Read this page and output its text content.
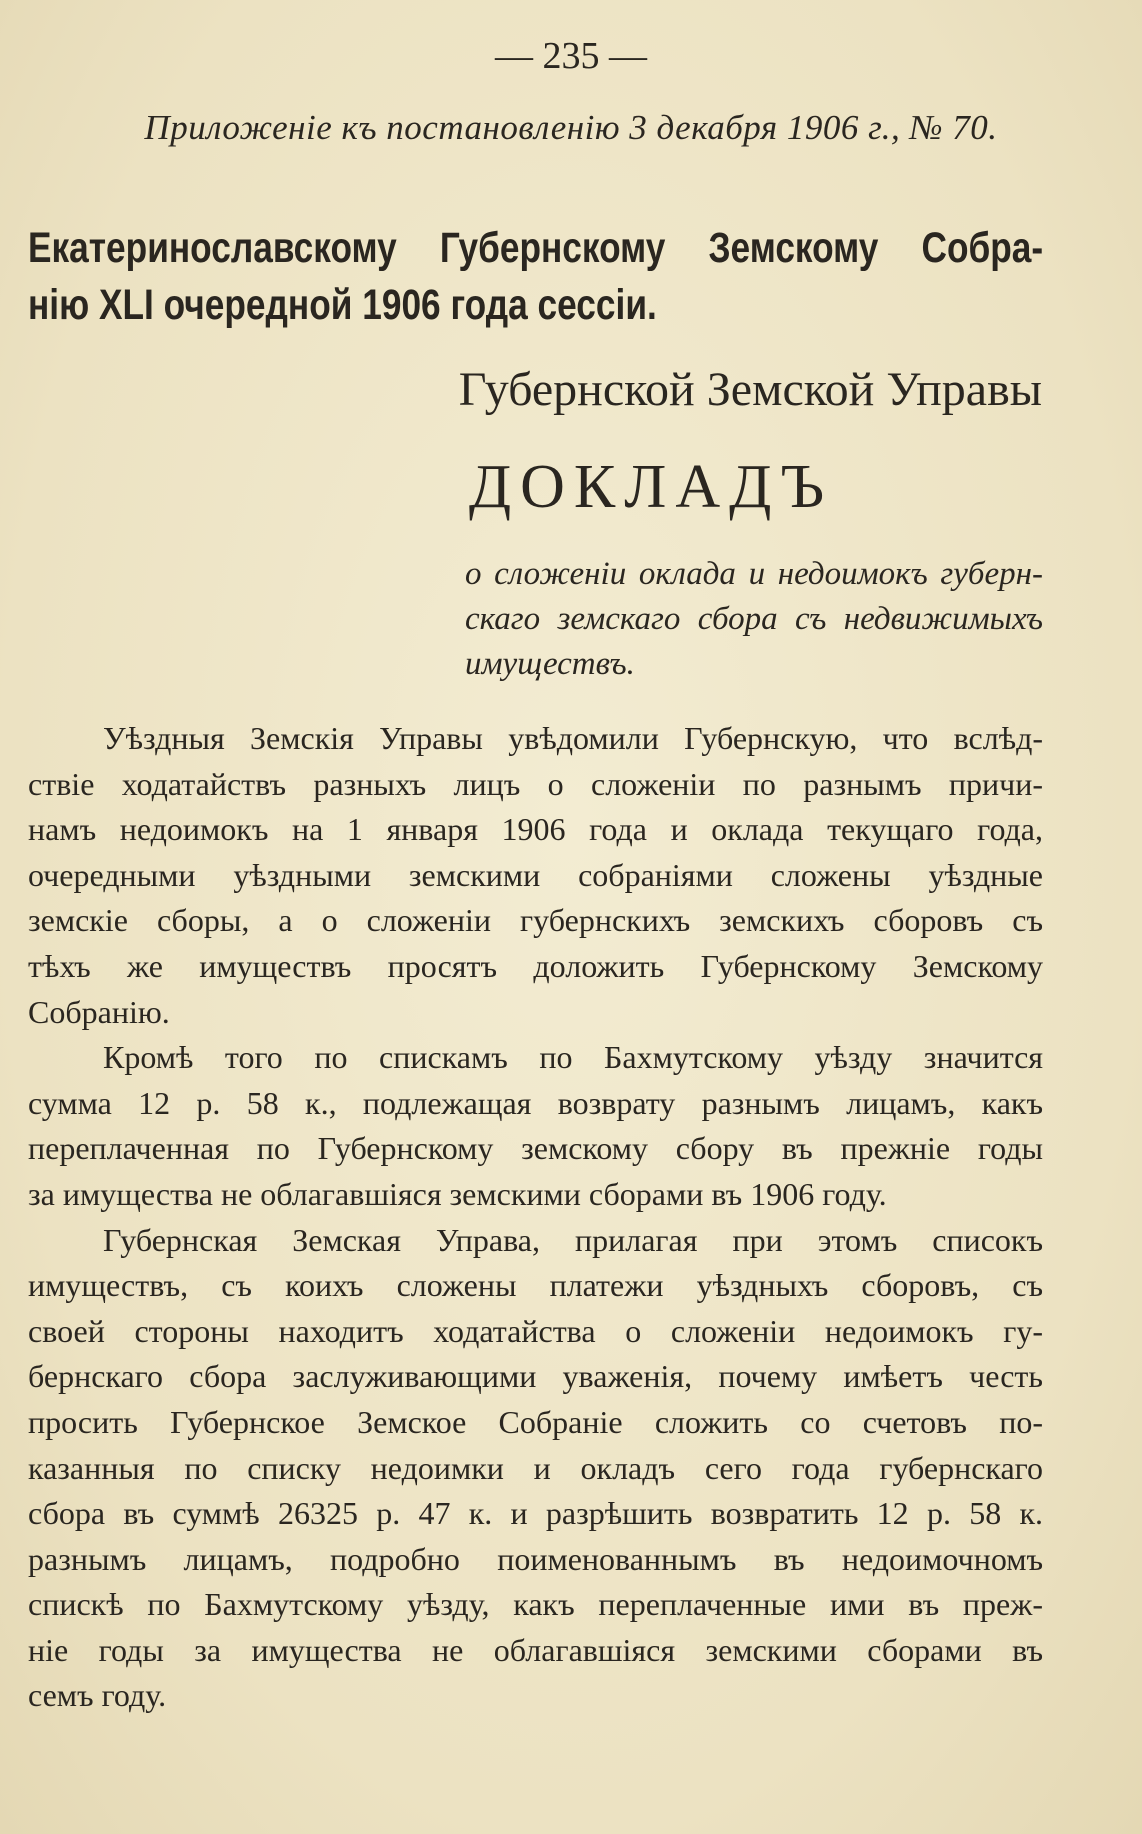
— 235 —
Приложеніе къ постановленію 3 декабря 1906 г., № 70.
Екатеринославскому Губернскому Земскому Собра-
нію XLI очередной 1906 года сессіи.
Губернской Земской Управы
ДОКЛАДЪ
о сложеніи оклада и недоимокъ губерн-
скаго земскаго сбора съ недвижимыхъ
имуществъ.
Уѣздныя Земскія Управы увѣдомили Губернскую, что вслѣд-
ствіе ходатайствъ разныхъ лицъ о сложеніи по разнымъ причи-
намъ недоимокъ на 1 января 1906 года и оклада текущаго года,
очередными уѣздными земскими собраніями сложены уѣздные
земскіе сборы, а о сложеніи губернскихъ земскихъ сборовъ съ
тѣхъ же имуществъ просятъ доложить Губернскому Земскому
Собранію.
Кромѣ того по спискамъ по Бахмутскому уѣзду значится
сумма 12 р. 58 к., подлежащая возврату разнымъ лицамъ, какъ
переплаченная по Губернскому земскому сбору въ прежніе годы
за имущества не облагавшіяся земскими сборами въ 1906 году.
Губернская Земская Управа, прилагая при этомъ списокъ
имуществъ, съ коихъ сложены платежи уѣздныхъ сборовъ, съ
своей стороны находитъ ходатайства о сложеніи недоимокъ гу-
бернскаго сбора заслуживающими уваженія, почему имѣетъ честь
просить Губернское Земское Собраніе сложить со счетовъ по-
казанныя по списку недоимки и окладъ сего года губернскаго
сбора въ суммѣ 26325 р. 47 к. и разрѣшить возвратить 12 р. 58 к.
разнымъ лицамъ, подробно поименованнымъ въ недоимочномъ
спискѣ по Бахмутскому уѣзду, какъ переплаченные ими въ преж-
ніе годы за имущества не облагавшіяся земскими сборами въ
семъ году.
